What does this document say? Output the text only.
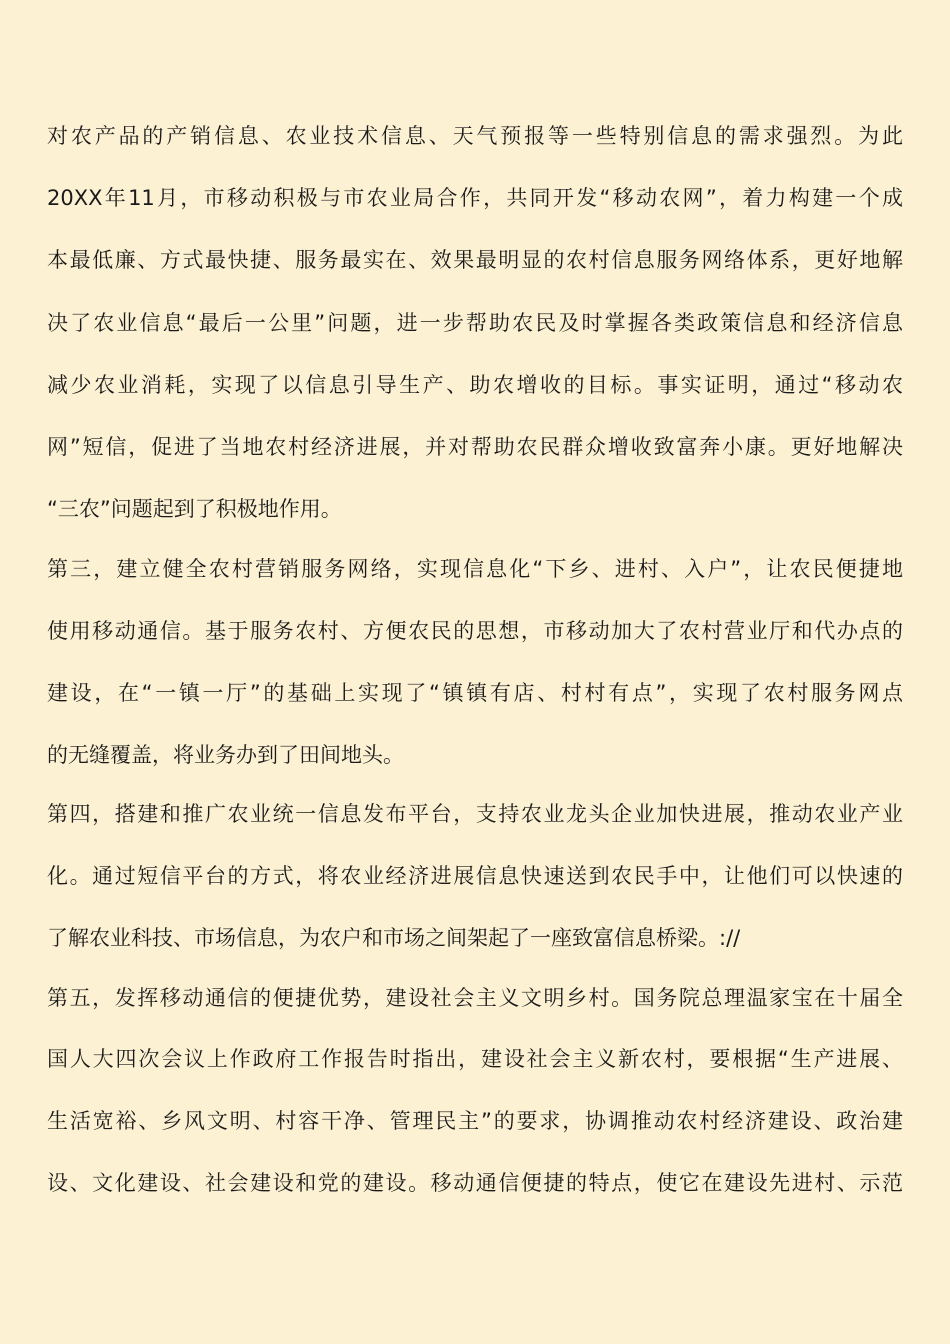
对农产品的产销信息、农业技术信息、天气预报等一些特别信息的需求强烈。为此
20XX年11月，市移动积极与市农业局合作，共同开发“移动农网”，着力构建一个成
本最低廉、方式最快捷、服务最实在、效果最明显的农村信息服务网络体系，更好地解
决了农业信息“最后一公里”问题，进一步帮助农民及时掌握各类政策信息和经济信息
减少农业消耗，实现了以信息引导生产、助农增收的目标。事实证明，通过“移动农
网”短信，促进了当地农村经济进展，并对帮助农民群众增收致富奔小康。更好地解决
“三农”问题起到了积极地作用。
第三，建立健全农村营销服务网络，实现信息化“下乡、进村、入户”，让农民便捷地
使用移动通信。基于服务农村、方便农民的思想，市移动加大了农村营业厅和代办点的
建设，在“一镇一厅”的基础上实现了“镇镇有店、村村有点”，实现了农村服务网点
的无缝覆盖，将业务办到了田间地头。
第四，搭建和推广农业统一信息发布平台，支持农业龙头企业加快进展，推动农业产业
化。通过短信平台的方式，将农业经济进展信息快速送到农民手中，让他们可以快速的
了解农业科技、市场信息，为农户和市场之间架起了一座致富信息桥梁。://
第五，发挥移动通信的便捷优势，建设社会主义文明乡村。国务院总理温家宝在十届全
国人大四次会议上作政府工作报告时指出，建设社会主义新农村，要根据“生产进展、
生活宽裕、乡风文明、村容干净、管理民主”的要求，协调推动农村经济建设、政治建
设、文化建设、社会建设和党的建设。移动通信便捷的特点，使它在建设先进村、示范
